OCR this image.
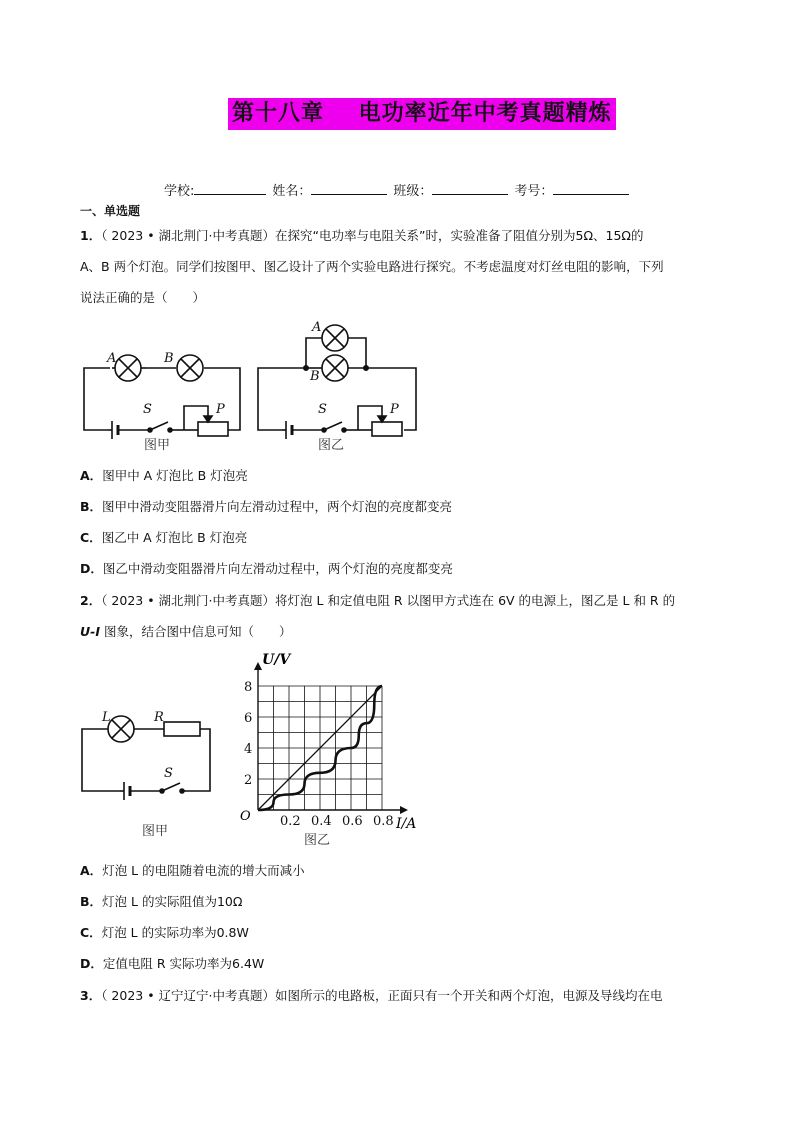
第十八章    电功率近年中考真题精炼
学校:	姓名：	班级：	考号：
一、单选题
1．（ 2023 • 湖北荆门·中考真题）在探究“电功率与电阻关系”时，实验准备了阻值分别为5Ω、15Ω的
A、B 两个灯泡。同学们按图甲、图乙设计了两个实验电路进行探究。不考虑温度对灯丝电阻的影响，下列
说法正确的是（　　）
A	B
S	P
A
B
S	P
图甲	图乙
A．图甲中 A 灯泡比 B 灯泡亮
B．图甲中滑动变阻器滑片向左滑动过程中，两个灯泡的亮度都变亮
C．图乙中 A 灯泡比 B 灯泡亮
D．图乙中滑动变阻器滑片向左滑动过程中，两个灯泡的亮度都变亮
2．（ 2023 • 湖北荆门·中考真题）将灯泡 L 和定值电阻 R 以图甲方式连在 6V 的电源上，图乙是 L 和 R 的
U-I 图象，结合图中信息可知（　　）
L	R
S
图甲
0.2 0.4 0.6 0.8
2
4
6
8
U/V
I/A
O
图乙
A．灯泡 L 的电阻随着电流的增大而减小
B．灯泡 L 的实际阻值为10Ω
C．灯泡 L 的实际功率为0.8W
D．定值电阻 R 实际功率为6.4W
3．（ 2023 • 辽宁辽宁·中考真题）如图所示的电路板，正面只有一个开关和两个灯泡，电源及导线均在电
